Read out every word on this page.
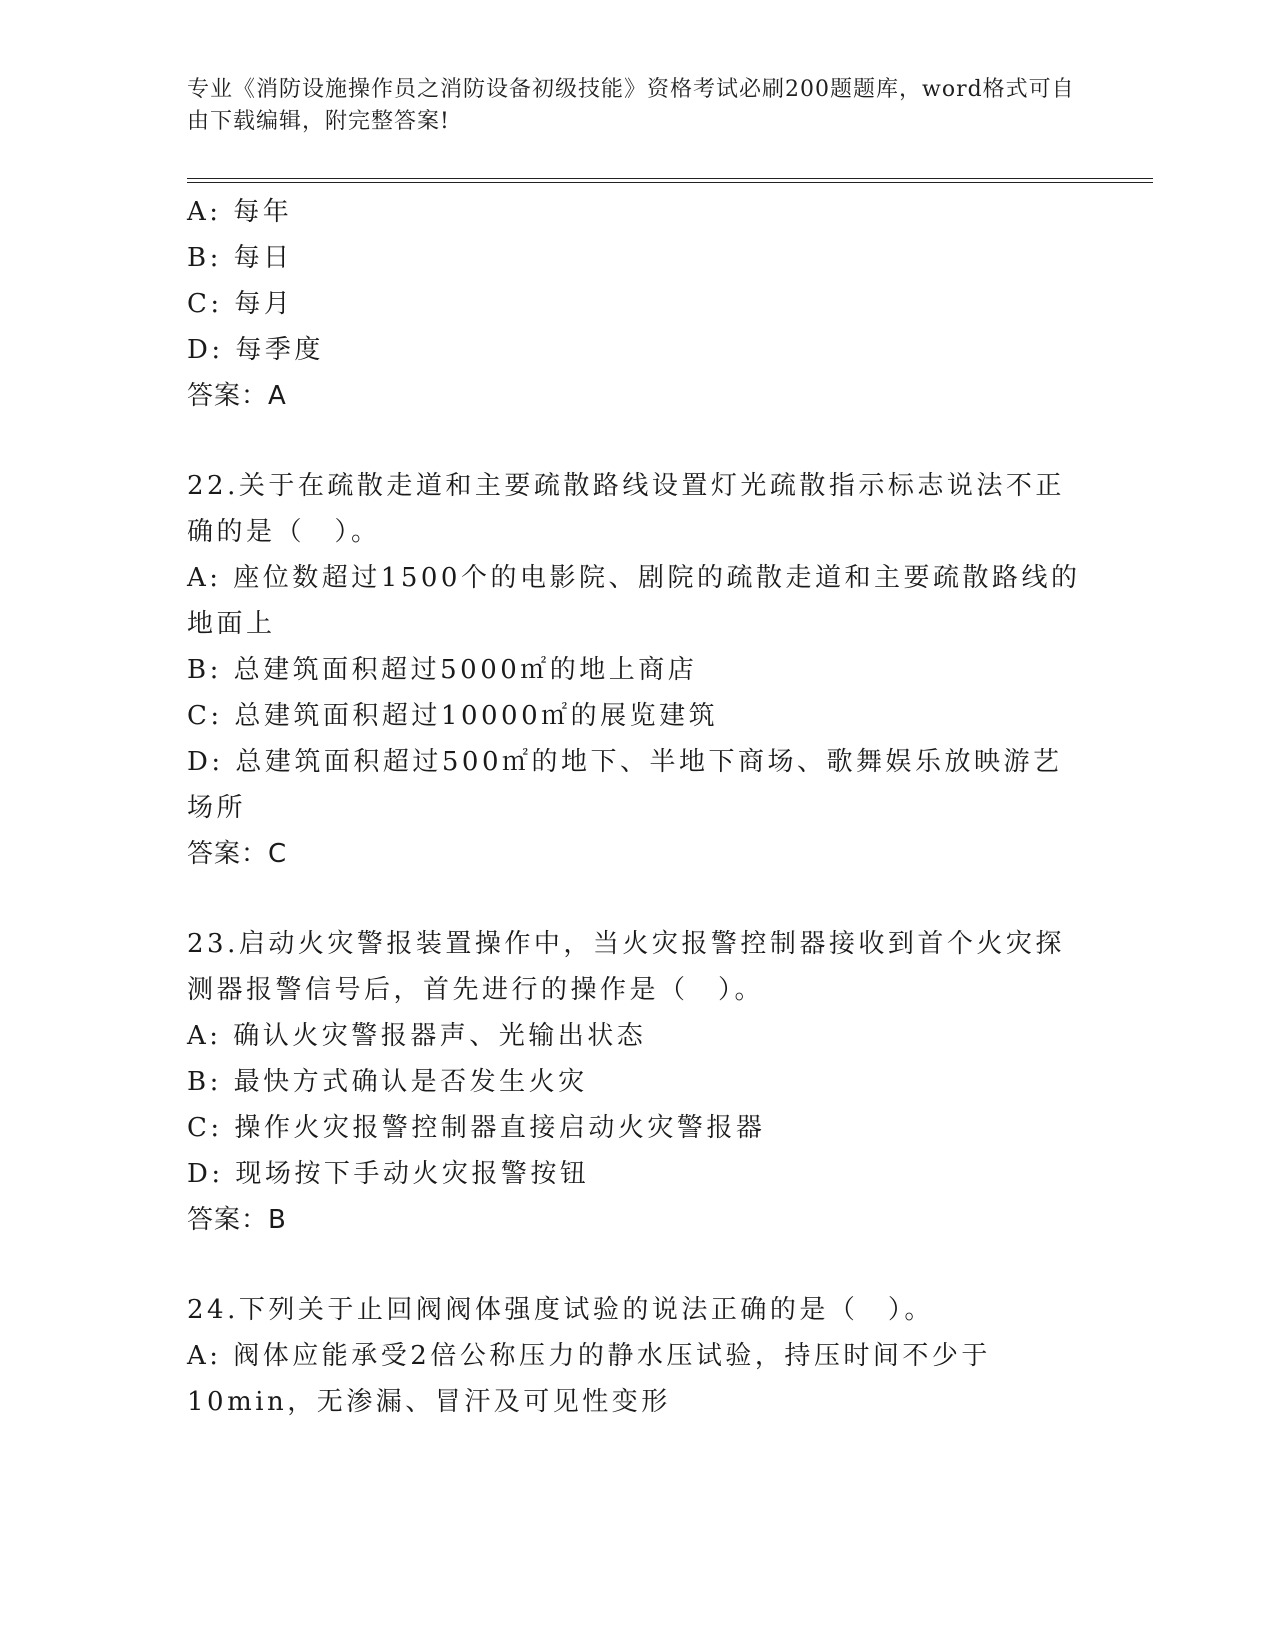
专业《消防设施操作员之消防设备初级技能》资格考试必刷200题题库，word格式可自由下载编辑，附完整答案!

A: 每年

B: 每日

C: 每月

D: 每季度

答案：A

22.关于在疏散走道和主要疏散路线设置灯光疏散指示标志说法不正确的是（　）。

A: 座位数超过1500个的电影院、剧院的疏散走道和主要疏散路线的地面上

B: 总建筑面积超过5000㎡的地上商店

C: 总建筑面积超过10000㎡的展览建筑

D: 总建筑面积超过500㎡的地下、半地下商场、歌舞娱乐放映游艺场所

答案：C

23.启动火灾警报装置操作中，当火灾报警控制器接收到首个火灾探测器报警信号后，首先进行的操作是（　）。

A: 确认火灾警报器声、光输出状态

B: 最快方式确认是否发生火灾

C: 操作火灾报警控制器直接启动火灾警报器

D: 现场按下手动火灾报警按钮

答案：B

24.下列关于止回阀阀体强度试验的说法正确的是（　）。

A: 阀体应能承受2倍公称压力的静水压试验，持压时间不少于10min，无渗漏、冒汗及可见性变形
